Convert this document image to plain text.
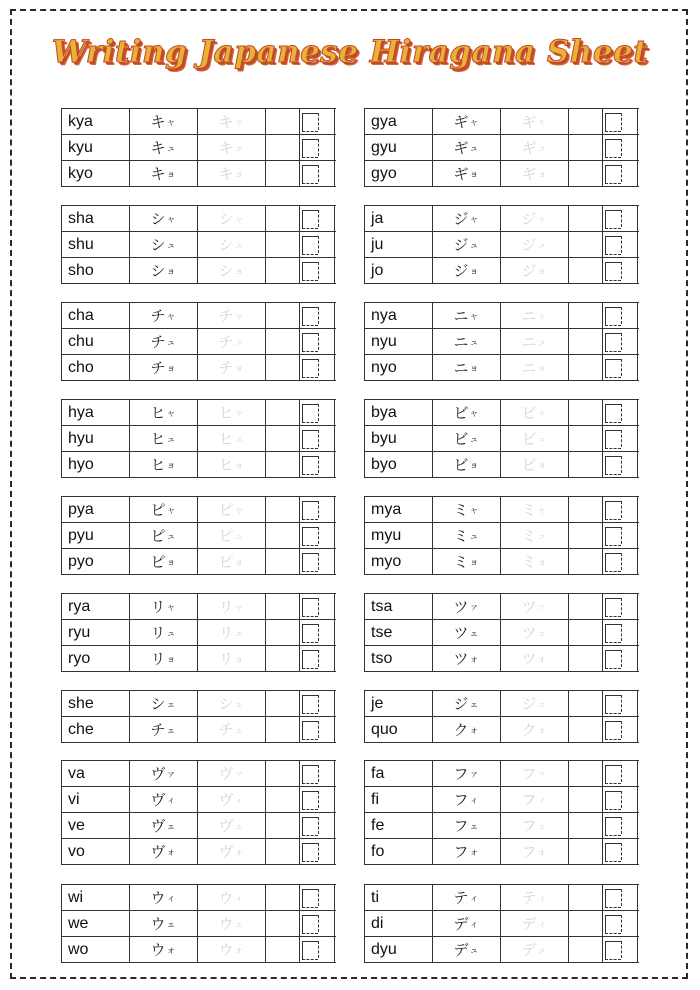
Writing Japanese Hiragana Sheet
kya	キ ャ	キ ャ
kyu	キ ュ	キ ュ
kyo	キ ョ	キ ョ
sha	シ ャ	シ ャ
shu	シ ュ	シ ュ
sho	シ ョ	シ ョ
cha	チ ャ	チ ャ
chu	チ ュ	チ ュ
cho	チ ョ	チ ョ
hya	ヒ ャ	ヒ ャ
hyu	ヒ ュ	ヒ ュ
hyo	ヒ ョ	ヒ ョ
pya	ピ ャ	ピ ャ
pyu	ピ ュ	ピ ュ
pyo	ピ ョ	ピ ョ
rya	リ ャ	リ ャ
ryu	リ ュ	リ ュ
ryo	リ ョ	リ ョ
she	シ ェ	シ ェ
che	チ ェ	チ ェ
va	ヴ ァ	ヴ ァ
vi	ヴ ィ	ヴ ィ
ve	ヴ ェ	ヴ ェ
vo	ヴ ォ	ヴ ォ
wi	ウ ィ	ウ ィ
we	ウ ェ	ウ ェ
wo	ウ ォ	ウ ォ
gya	ギ ャ	ギ ャ
gyu	ギ ュ	ギ ュ
gyo	ギ ョ	ギ ョ
ja	ジ ャ	ジ ャ
ju	ジ ュ	ジ ュ
jo	ジ ョ	ジ ョ
nya	ニ ャ	ニ ャ
nyu	ニ ュ	ニ ュ
nyo	ニ ョ	ニ ョ
bya	ビ ャ	ビ ャ
byu	ビ ュ	ビ ュ
byo	ビ ョ	ビ ョ
mya	ミ ャ	ミ ャ
myu	ミ ュ	ミ ュ
myo	ミ ョ	ミ ョ
tsa	ツ ァ	ツ ァ
tse	ツ ェ	ツ ェ
tso	ツ ォ	ツ ォ
je	ジ ェ	ジ ェ
quo	ク ォ	ク ォ
fa	フ ァ	フ ァ
fi	フ ィ	フ ィ
fe	フ ェ	フ ェ
fo	フ ォ	フ ォ
ti	テ ィ	テ ィ
di	デ ィ	デ ィ
dyu	デ ュ	デ ュ
